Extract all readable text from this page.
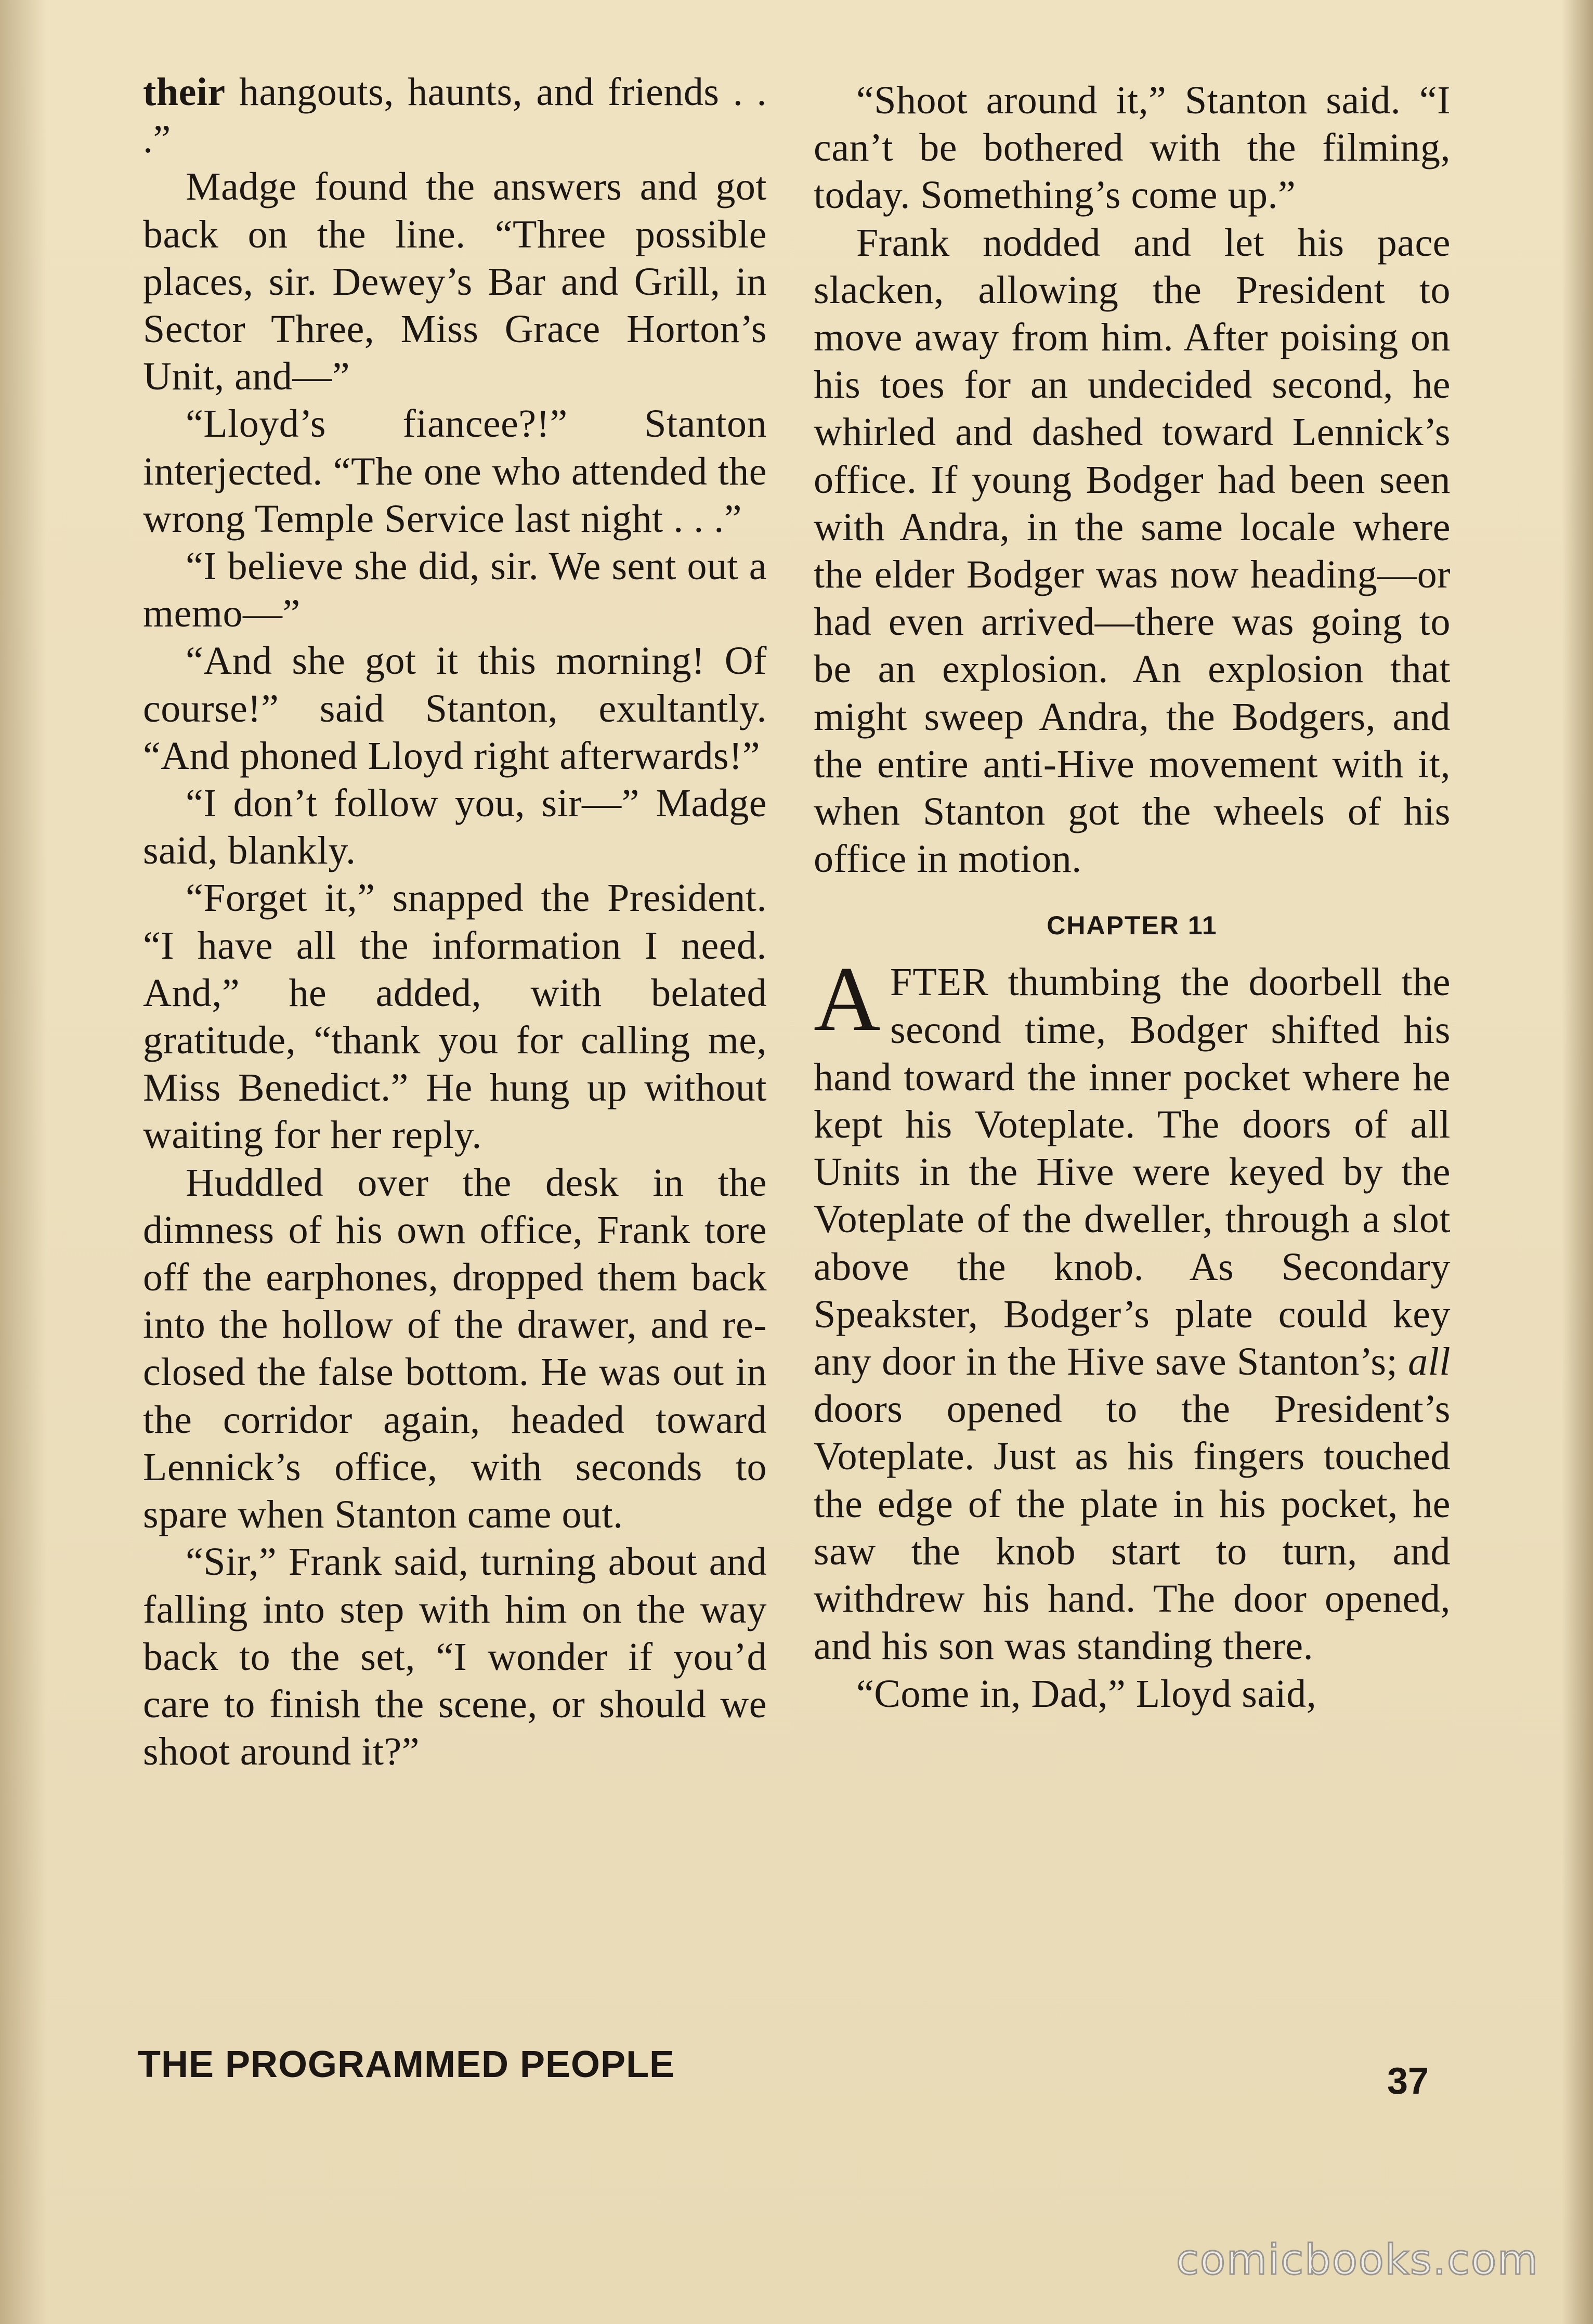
their hangouts, haunts, and friends . . .”

Madge found the answers and got back on the line. “Three possible places, sir. Dewey’s Bar and Grill, in Sector Three, Miss Grace Horton’s Unit, and—”

“Lloyd’s fiancee?!” Stanton interjected. “The one who attended the wrong Temple Service last night . . .”

“I believe she did, sir. We sent out a memo—”

“And she got it this morning! Of course!” said Stanton, exultantly. “And phoned Lloyd right afterwards!”

“I don’t follow you, sir—” Madge said, blankly.

“Forget it,” snapped the President. “I have all the information I need. And,” he added, with belated gratitude, “thank you for calling me, Miss Benedict.” He hung up without waiting for her reply.

Huddled over the desk in the dimness of his own office, Frank tore off the earphones, dropped them back into the hollow of the drawer, and re-closed the false bottom. He was out in the corridor again, headed toward Lennick’s office, with seconds to spare when Stanton came out.

“Sir,” Frank said, turning about and falling into step with him on the way back to the set, “I wonder if you’d care to finish the scene, or should we shoot around it?”

“Shoot around it,” Stanton said. “I can’t be bothered with the filming, today. Something’s come up.”

Frank nodded and let his pace slacken, allowing the President to move away from him. After poising on his toes for an undecided second, he whirled and dashed toward Lennick’s office. If young Bodger had been seen with Andra, in the same locale where the elder Bodger was now heading—or had even arrived—there was going to be an explosion. An explosion that might sweep Andra, the Bodgers, and the entire anti-Hive movement with it, when Stanton got the wheels of his office in motion.

CHAPTER 11

AFTER thumbing the doorbell the second time, Bodger shifted his hand toward the inner pocket where he kept his Voteplate. The doors of all Units in the Hive were keyed by the Voteplate of the dweller, through a slot above the knob. As Secondary Speakster, Bodger’s plate could key any door in the Hive save Stanton’s; all doors opened to the President’s Voteplate. Just as his fingers touched the edge of the plate in his pocket, he saw the knob start to turn, and withdrew his hand. The door opened, and his son was standing there.

“Come in, Dad,” Lloyd said,

THE PROGRAMMED PEOPLE	37
comicbooks.com
